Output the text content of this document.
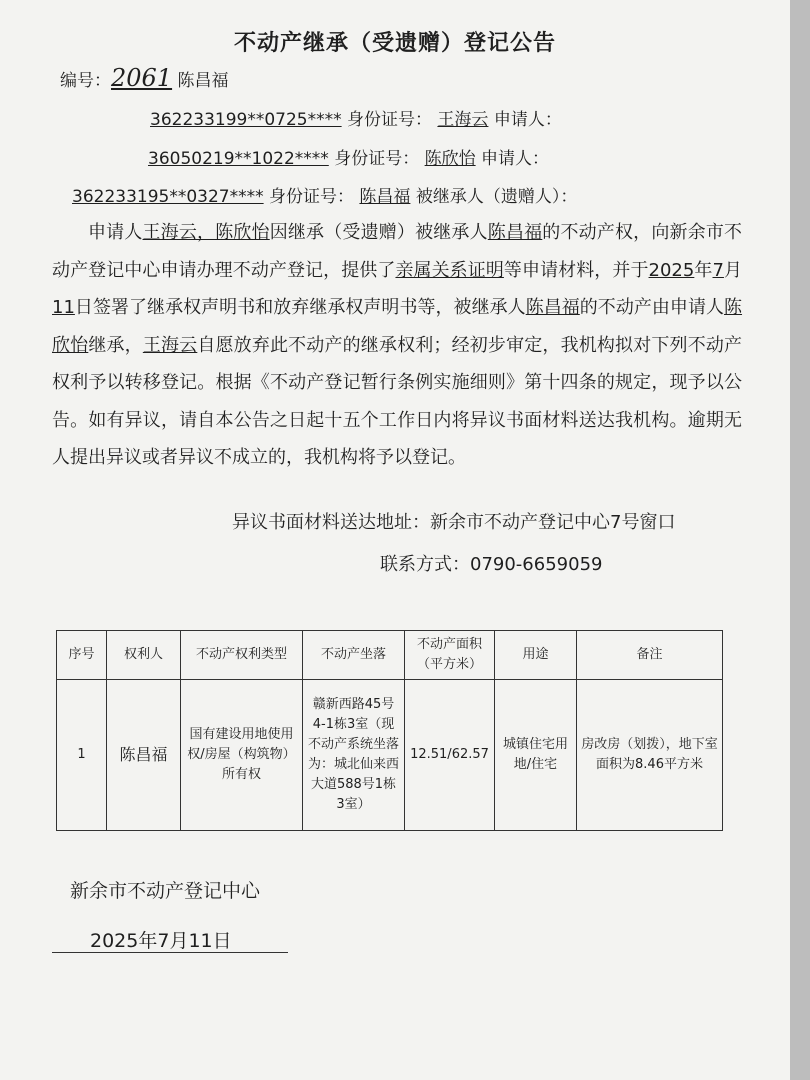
不动产继承（受遗赠）登记公告
编号：2061 陈昌福
362233199**0725**** 身份证号： 王海云 申请人：
3605021​9**1022**** 身份证号： 陈欣怡 申请人：
362233195**0327**** 身份证号： 陈昌福 被继承人（遗赠人）：
申请人王海云，陈欣怡因继承（受遗赠）被继承人陈昌福的不动产权，向新余市不动产登记中心申请办理不动产登记，提供了亲属关系证明等申请材料，并于2025年7月11日签署了继承权声明书和放弃继承权声明书等，被继承人陈昌福的不动产由申请人陈欣怡继承，王海云自愿放弃此不动产的继承权利；经初步审定，我机构拟对下列不动产权利予以转移登记。根据《不动产登记暂行条例实施细则》第十四条的规定，现予以公告。如有异议，请自本公告之日起十五个工作日内将异议书面材料送达我机构。逾期无人提出异议或者异议不成立的，我机构将予以登记。
异议书面材料送达地址：新余市不动产登记中心7号窗口
联系方式：0790-6659059
序号	权利人	不动产权利类型	不动产坐落	不动产面积（平方米）	用途	备注
1	陈昌福	国有建设用地使用权/房屋（构筑物）所有权	赣新西路45号4-1栋3室（现不动产系统坐落为：城北仙来西大道588号1栋3室）	12.51/62.57	城镇住宅用地/住宅	房改房（划拨），地下室面积为8.46平方米
新余市不动产登记中心
2025年7月11日
